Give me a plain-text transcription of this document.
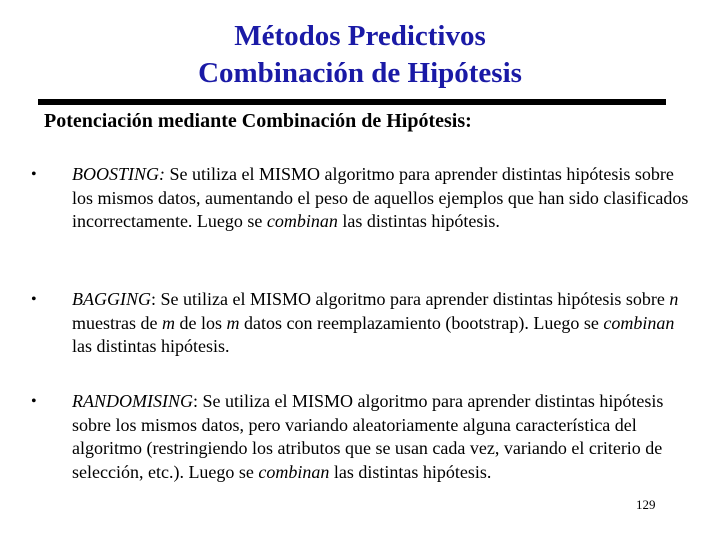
Métodos Predictivos
Combinación de Hipótesis
Potenciación mediante Combinación de Hipótesis:
• BOOSTING: Se utiliza el MISMO algoritmo para aprender distintas hipótesis sobre los mismos datos, aumentando el peso de aquellos ejemplos que han sido clasificados incorrectamente. Luego se combinan las distintas hipótesis.
• BAGGING: Se utiliza el MISMO algoritmo para aprender distintas hipótesis sobre n muestras de m de los m datos con reemplazamiento (bootstrap). Luego se combinan las distintas hipótesis.
• RANDOMISING: Se utiliza el MISMO algoritmo para aprender distintas hipótesis sobre los mismos datos, pero variando aleatoriamente alguna característica del algoritmo (restringiendo los atributos que se usan cada vez, variando el criterio de selección, etc.). Luego se combinan las distintas hipótesis.
129
